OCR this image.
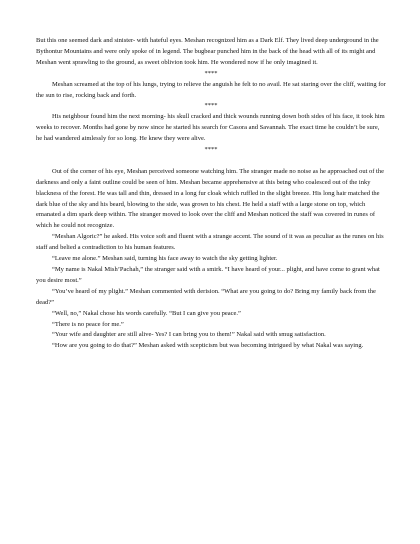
But this one seemed dark and sinister- with hateful eyes. Meshan recognized him as a Dark Elf. They lived deep underground in the Bythontur Mountains and were only spoke of in legend. The bugbear punched him in the back of the head with all of its might and Meshan went sprawling to the ground, as sweet oblivion took him. He wondered now if he only imagined it.

****

Meshan screamed at the top of his lungs, trying to relieve the anguish he felt to no avail. He sat staring over the cliff, waiting for the sun to rise, rocking back and forth.

****

His neighbour found him the next morning- his skull cracked and thick wounds running down both sides of his face, it took him weeks to recover. Months had gone by now since he started his search for Casora and Savannah. The exact time he couldn’t be sure, he had wandered aimlessly for so long. He knew they were alive.

****

Out of the corner of his eye, Meshan perceived someone watching him. The stranger made no noise as he approached out of the darkness and only a faint outline could be seen of him. Meshan became apprehensive at this being who coalesced out of the inky blackness of the forest. He was tall and thin, dressed in a long fur cloak which ruffled in the slight breeze. His long hair matched the dark blue of the sky and his beard, blowing to the side, was grown to his chest. He held a staff with a large stone on top, which emanated a dim spark deep within. The stranger moved to look over the cliff and Meshan noticed the staff was covered in runes of which he could not recognize.

“Meshan Algoric?” he asked. His voice soft and fluent with a strange accent. The sound of it was as peculiar as the runes on his staff and belied a contradiction to his human features.

“Leave me alone.” Meshan said, turning his face away to watch the sky getting lighter.

“My name is Nakal Mish’Pachah,” the stranger said with a smirk. “I have heard of your... plight, and have come to grant what you desire most.”

“You’ve heard of my plight.” Meshan commented with derision. “What are you going to do? Bring my family back from the dead?”

“Well, no,” Nakal chose his words carefully. “But I can give you peace.”

“There is no peace for me.”

“Your wife and daughter are still alive- Yes? I can bring you to them!” Nakal said with smug satisfaction.

“How are you going to do that?” Meshan asked with scepticism but was becoming intrigued by what Nakal was saying.
